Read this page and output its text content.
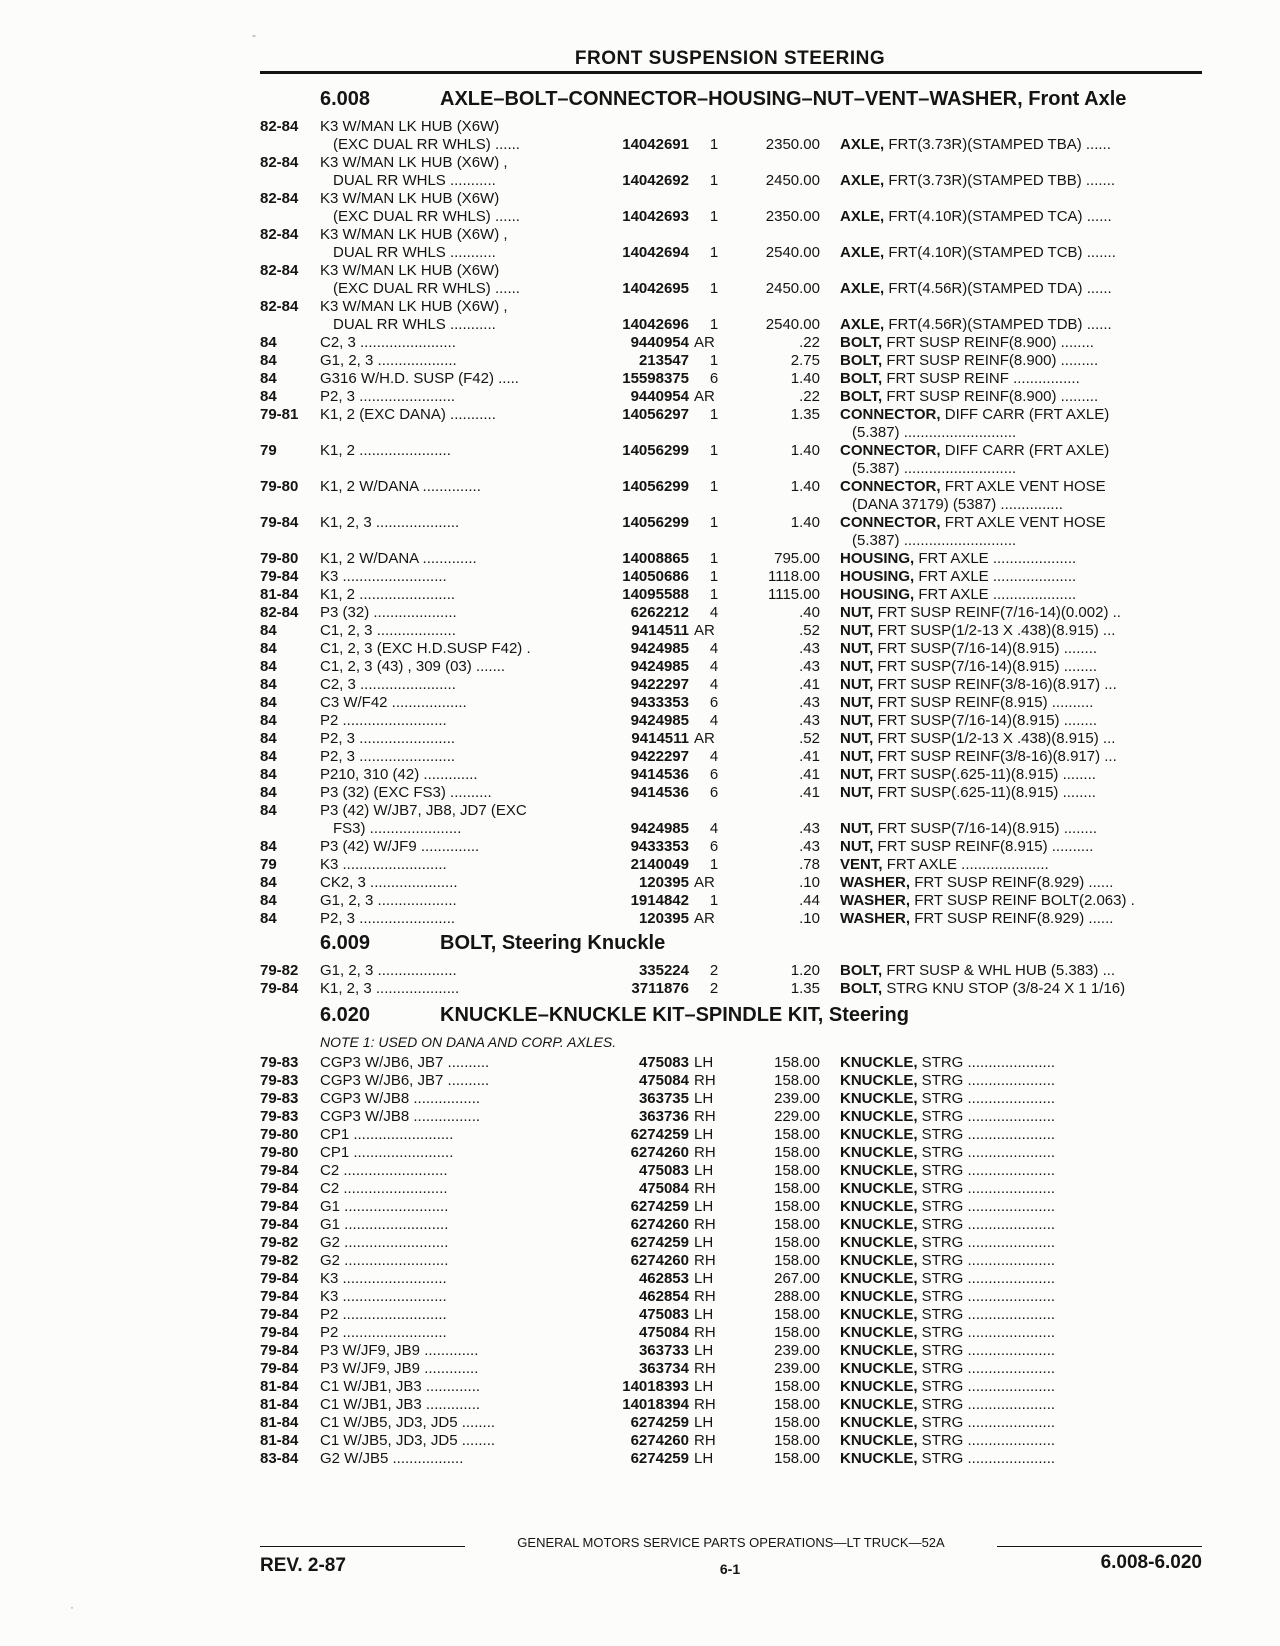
FRONT SUSPENSION STEERING
6.008	AXLE–BOLT–CONNECTOR–HOUSING–NUT–VENT–WASHER, Front Axle
6.009	BOLT, Steering Knuckle
6.020	KNUCKLE–KNUCKLE KIT–SPINDLE KIT, Steering
NOTE 1: USED ON DANA AND CORP. AXLES.
82-84	K3 W/MAN LK HUB (X6W)
(EXC DUAL RR WHLS) ......	14042691	1	2350.00 AXLE, FRT(3.73R)(STAMPED TBA) ......
82-84	K3 W/MAN LK HUB (X6W) ,
DUAL RR WHLS ...........	14042692	1	2450.00 AXLE, FRT(3.73R)(STAMPED TBB) .......
82-84	K3 W/MAN LK HUB (X6W)
(EXC DUAL RR WHLS) ......	14042693	1	2350.00 AXLE, FRT(4.10R)(STAMPED TCA) ......
82-84	K3 W/MAN LK HUB (X6W) ,
DUAL RR WHLS ...........	14042694	1	2540.00 AXLE, FRT(4.10R)(STAMPED TCB) .......
82-84	K3 W/MAN LK HUB (X6W)
(EXC DUAL RR WHLS) ......	14042695	1	2450.00 AXLE, FRT(4.56R)(STAMPED TDA) ......
82-84	K3 W/MAN LK HUB (X6W) ,
DUAL RR WHLS ...........	14042696	1	2540.00 AXLE, FRT(4.56R)(STAMPED TDB) ......
84	C2, 3 .......................	9440954 AR	.22 BOLT, FRT SUSP REINF(8.900) ........
84	G1, 2, 3 ...................	213547	1	2.75 BOLT, FRT SUSP REINF(8.900) .........
84	G316 W/H.D. SUSP (F42) .....	15598375	6	1.40 BOLT, FRT SUSP REINF ................
84	P2, 3 .......................	9440954 AR	.22 BOLT, FRT SUSP REINF(8.900) .........
79-81	K1, 2 (EXC DANA) ...........	14056297	1	1.35 CONNECTOR, DIFF CARR (FRT AXLE)
(5.387) ...........................
79	K1, 2 ......................	14056299	1	1.40 CONNECTOR, DIFF CARR (FRT AXLE)
(5.387) ...........................
79-80	K1, 2 W/DANA ..............	14056299	1	1.40 CONNECTOR, FRT AXLE VENT HOSE
(DANA 37179) (5387) ...............
79-84	K1, 2, 3 ....................	14056299	1	1.40 CONNECTOR, FRT AXLE VENT HOSE
(5.387) ...........................
79-80	K1, 2 W/DANA .............	14008865	1	795.00 HOUSING, FRT AXLE ....................
79-84	K3 .........................	14050686	1	1118.00 HOUSING, FRT AXLE ....................
81-84	K1, 2 .......................	14095588	1	1115.00 HOUSING, FRT AXLE ....................
82-84	P3 (32) ....................	6262212	4	.40 NUT, FRT SUSP REINF(7/16-14)(0.002) ..
84	C1, 2, 3 ...................	9414511 AR	.52 NUT, FRT SUSP(1/2-13 X .438)(8.915) ...
84	C1, 2, 3 (EXC H.D.SUSP F42) .	9424985	4	.43 NUT, FRT SUSP(7/16-14)(8.915) ........
84	C1, 2, 3 (43) , 309 (03) .......	9424985	4	.43 NUT, FRT SUSP(7/16-14)(8.915) ........
84	C2, 3 .......................	9422297	4	.41 NUT, FRT SUSP REINF(3/8-16)(8.917) ...
84	C3 W/F42 ..................	9433353	6	.43 NUT, FRT SUSP REINF(8.915) ..........
84	P2 .........................	9424985	4	.43 NUT, FRT SUSP(7/16-14)(8.915) ........
84	P2, 3 .......................	9414511 AR	.52 NUT, FRT SUSP(1/2-13 X .438)(8.915) ...
84	P2, 3 .......................	9422297	4	.41 NUT, FRT SUSP REINF(3/8-16)(8.917) ...
84	P210, 310 (42) .............	9414536	6	.41 NUT, FRT SUSP(.625-11)(8.915) ........
84	P3 (32) (EXC FS3) ..........	9414536	6	.41 NUT, FRT SUSP(.625-11)(8.915) ........
84	P3 (42) W/JB7, JB8, JD7 (EXC
FS3) ......................	9424985	4	.43 NUT, FRT SUSP(7/16-14)(8.915) ........
84	P3 (42) W/JF9 ..............	9433353	6	.43 NUT, FRT SUSP REINF(8.915) ..........
79	K3 .........................	2140049	1	.78 VENT, FRT AXLE .....................
84	CK2, 3 .....................	120395 AR	.10 WASHER, FRT SUSP REINF(8.929) ......
84	G1, 2, 3 ...................	1914842	1	.44 WASHER, FRT SUSP REINF BOLT(2.063) .
84	P2, 3 .......................	120395 AR	.10 WASHER, FRT SUSP REINF(8.929) ......
79-82	G1, 2, 3 ...................	335224	2	1.20 BOLT, FRT SUSP & WHL HUB (5.383) ...
79-84	K1, 2, 3 ....................	3711876	2	1.35 BOLT, STRG KNU STOP (3/8-24 X 1 1/16)
79-83	CGP3 W/JB6, JB7 ..........	475083 LH	158.00 KNUCKLE, STRG .....................
79-83	CGP3 W/JB6, JB7 ..........	475084 RH	158.00 KNUCKLE, STRG .....................
79-83	CGP3 W/JB8 ................	363735 LH	239.00 KNUCKLE, STRG .....................
79-83	CGP3 W/JB8 ................	363736 RH	229.00 KNUCKLE, STRG .....................
79-80	CP1 ........................	6274259 LH	158.00 KNUCKLE, STRG .....................
79-80	CP1 ........................	6274260 RH	158.00 KNUCKLE, STRG .....................
79-84	C2 .........................	475083 LH	158.00 KNUCKLE, STRG .....................
79-84	C2 .........................	475084 RH	158.00 KNUCKLE, STRG .....................
79-84	G1 .........................	6274259 LH	158.00 KNUCKLE, STRG .....................
79-84	G1 .........................	6274260 RH	158.00 KNUCKLE, STRG .....................
79-82	G2 .........................	6274259 LH	158.00 KNUCKLE, STRG .....................
79-82	G2 .........................	6274260 RH	158.00 KNUCKLE, STRG .....................
79-84	K3 .........................	462853 LH	267.00 KNUCKLE, STRG .....................
79-84	K3 .........................	462854 RH	288.00 KNUCKLE, STRG .....................
79-84	P2 .........................	475083 LH	158.00 KNUCKLE, STRG .....................
79-84	P2 .........................	475084 RH	158.00 KNUCKLE, STRG .....................
79-84	P3 W/JF9, JB9 .............	363733 LH	239.00 KNUCKLE, STRG .....................
79-84	P3 W/JF9, JB9 .............	363734 RH	239.00 KNUCKLE, STRG .....................
81-84	C1 W/JB1, JB3 .............	14018393 LH	158.00 KNUCKLE, STRG .....................
81-84	C1 W/JB1, JB3 .............	14018394 RH	158.00 KNUCKLE, STRG .....................
81-84	C1 W/JB5, JD3, JD5 ........	6274259 LH	158.00 KNUCKLE, STRG .....................
81-84	C1 W/JB5, JD3, JD5 ........	6274260 RH	158.00 KNUCKLE, STRG .....................
83-84	G2 W/JB5 .................	6274259 LH	158.00 KNUCKLE, STRG .....................
GENERAL MOTORS SERVICE PARTS OPERATIONS—LT TRUCK—52A
REV. 2-87	6-1	6.008-6.020
-
·
